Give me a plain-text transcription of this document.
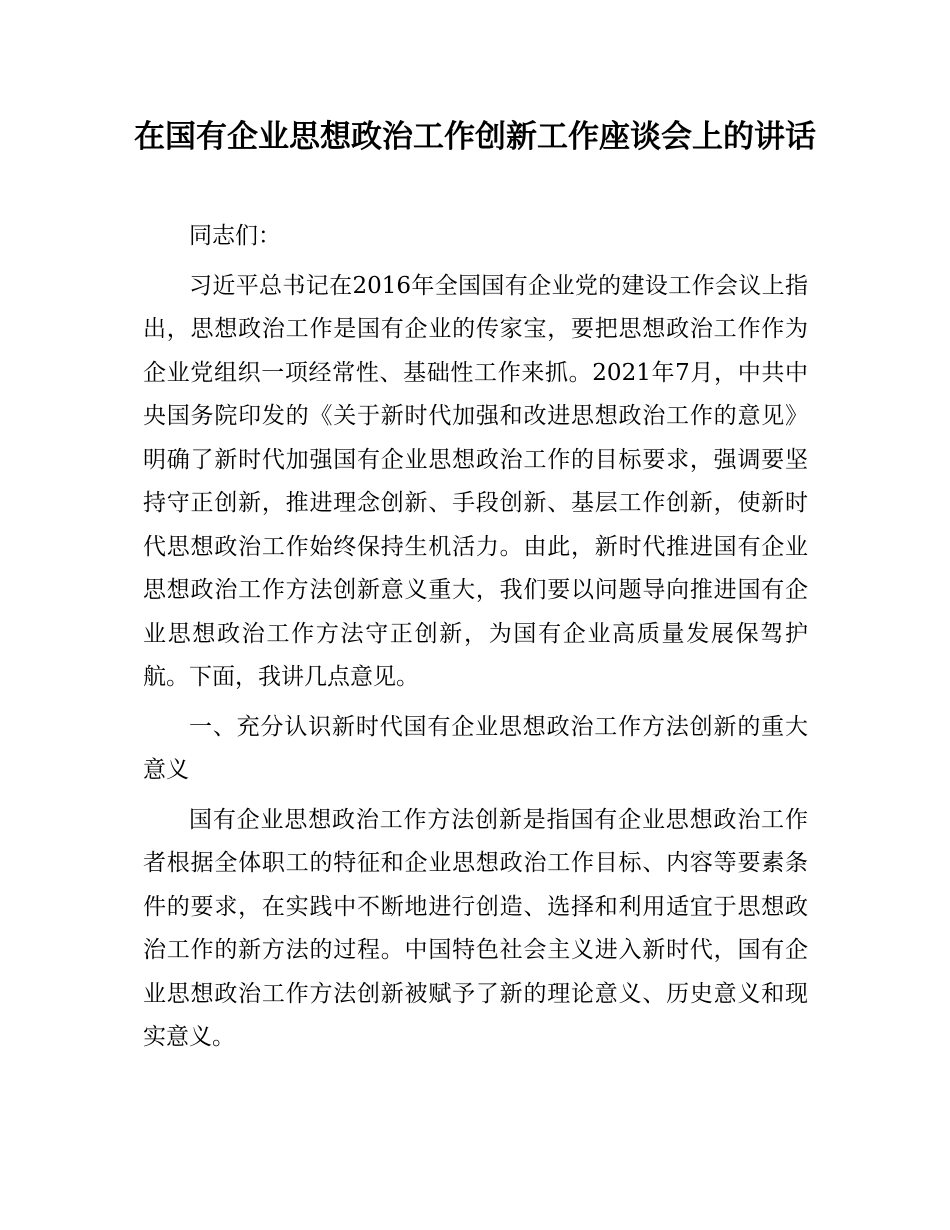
在国有企业思想政治工作创新工作座谈会上的讲话

同志们：

习近平总书记在2016年全国国有企业党的建设工作会议上指出，思想政治工作是国有企业的传家宝，要把思想政治工作作为企业党组织一项经常性、基础性工作来抓。2021年7月，中共中央国务院印发的《关于新时代加强和改进思想政治工作的意见》明确了新时代加强国有企业思想政治工作的目标要求，强调要坚持守正创新，推进理念创新、手段创新、基层工作创新，使新时代思想政治工作始终保持生机活力。由此，新时代推进国有企业思想政治工作方法创新意义重大，我们要以问题导向推进国有企业思想政治工作方法守正创新，为国有企业高质量发展保驾护航。下面，我讲几点意见。

一、充分认识新时代国有企业思想政治工作方法创新的重大意义

国有企业思想政治工作方法创新是指国有企业思想政治工作者根据全体职工的特征和企业思想政治工作目标、内容等要素条件的要求，在实践中不断地进行创造、选择和利用适宜于思想政治工作的新方法的过程。中国特色社会主义进入新时代，国有企业思想政治工作方法创新被赋予了新的理论意义、历史意义和现实意义。
